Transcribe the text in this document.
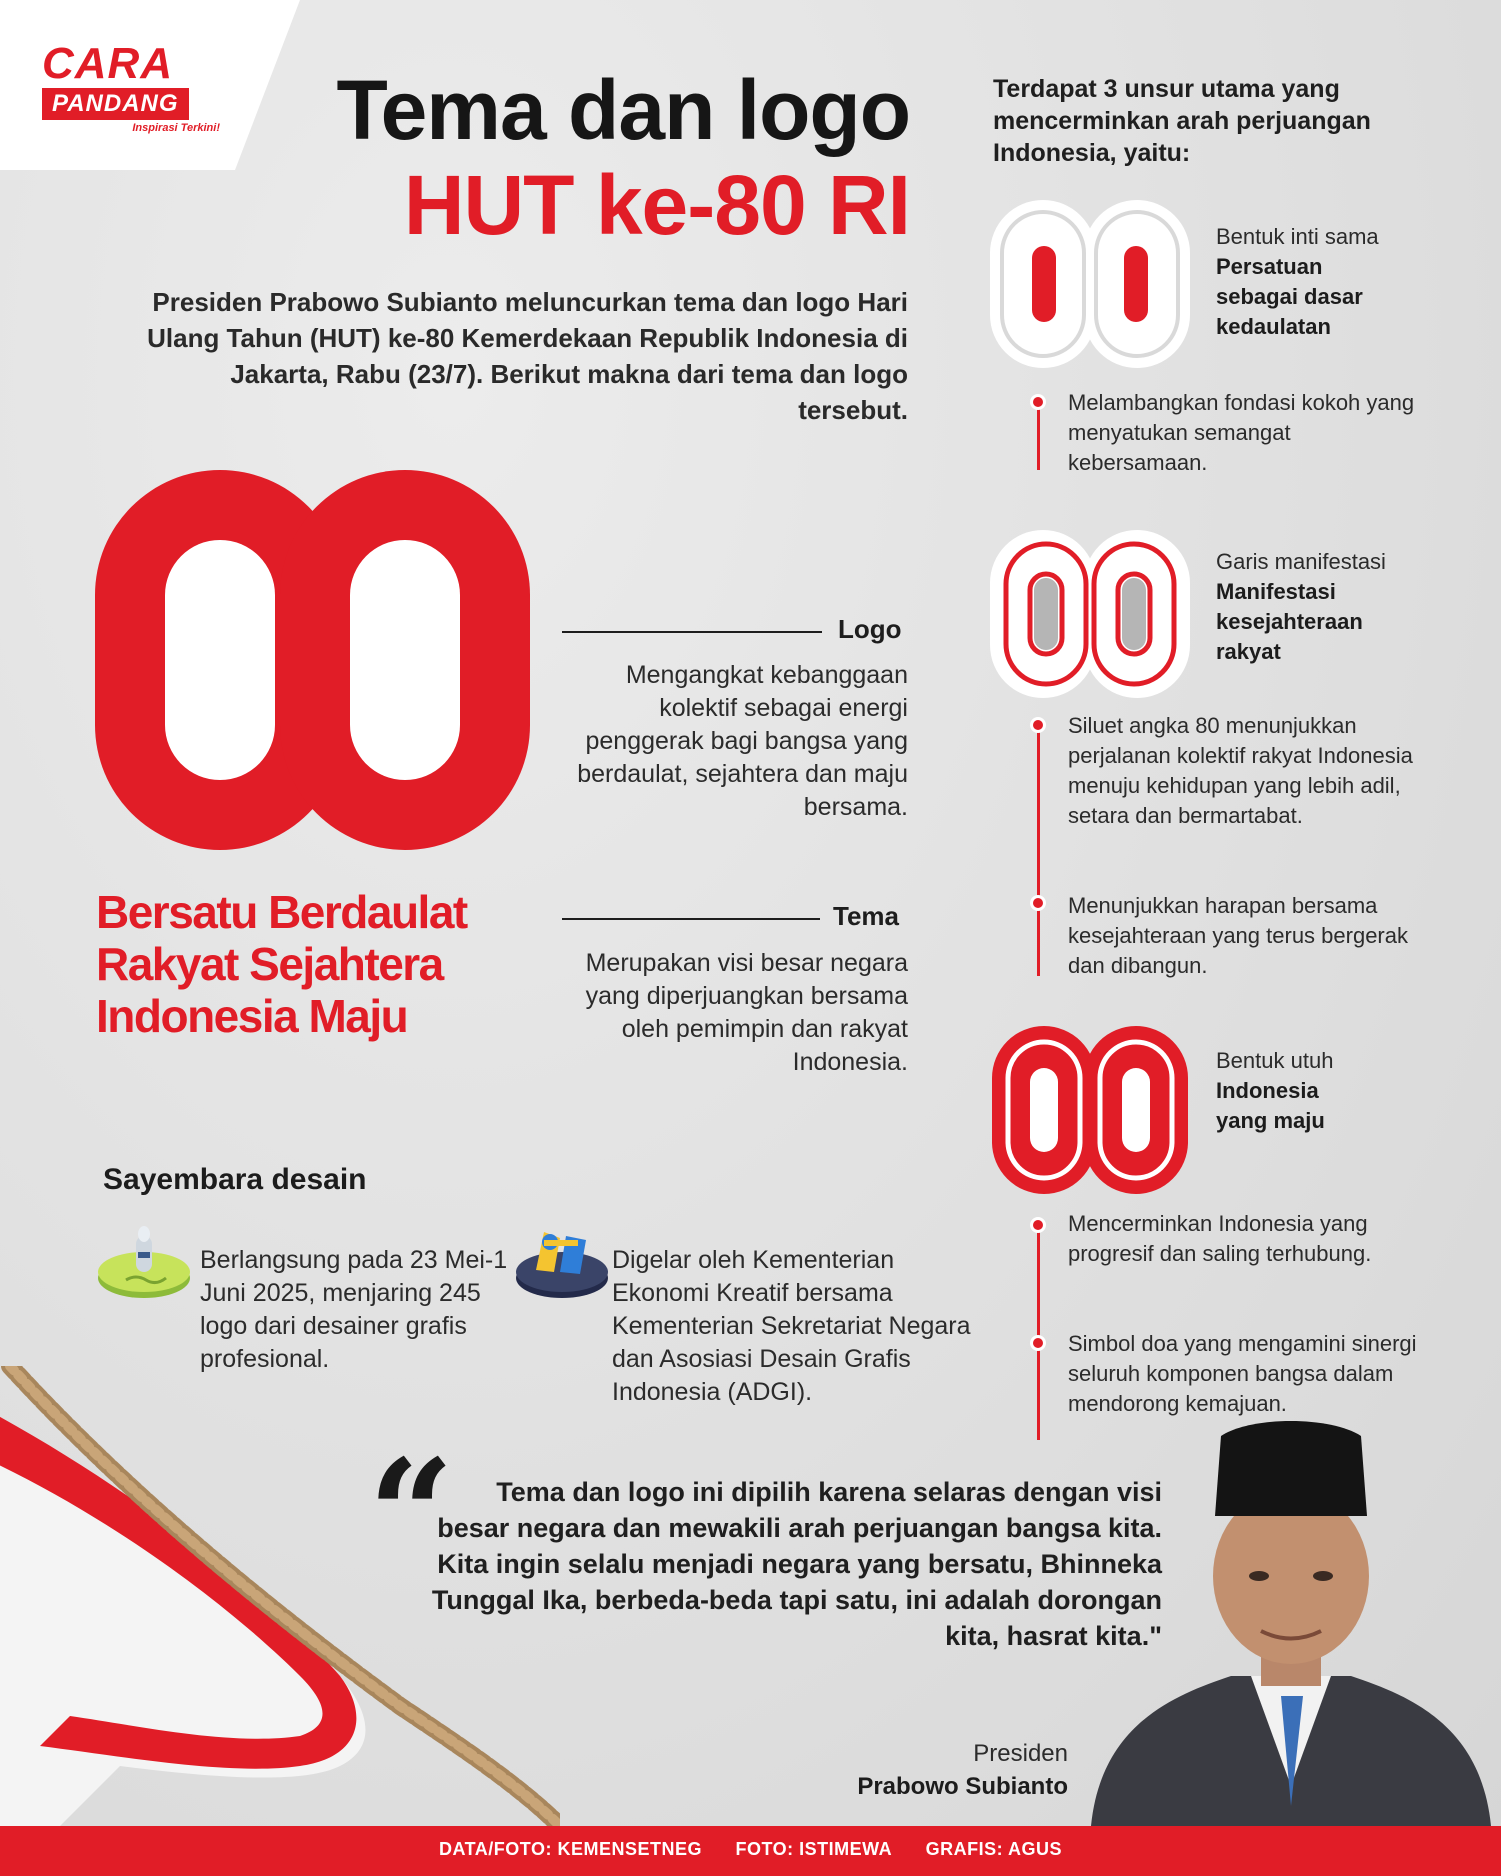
CARA
PANDANG
Inspirasi Terkini!	Tema dan logo
HUT ke-80 RI
Presiden Prabowo Subianto meluncurkan tema dan logo Hari Ulang Tahun (HUT) ke-80 Kemerdekaan Republik Indonesia di Jakarta, Rabu (23/7). Berikut makna dari tema dan logo tersebut.
Logo
Mengangkat kebanggaan kolektif sebagai energi penggerak bagi bangsa yang berdaulat, sejahtera dan maju bersama.
Bersatu Berdaulat
Rakyat Sejahtera
Indonesia Maju
Tema
Merupakan visi besar negara yang diperjuangkan bersama oleh pemimpin dan rakyat Indonesia.
Sayembara desain
Berlangsung pada 23 Mei-1 Juni 2025, menjaring 245 logo dari desainer grafis profesional.
Digelar oleh Kementerian Ekonomi Kreatif bersama Kementerian Sekretariat Negara dan Asosiasi Desain Grafis Indonesia (ADGI).
Terdapat 3 unsur utama yang mencerminkan arah perjuangan Indonesia, yaitu:
Bentuk inti sama
Persatuan
sebagai dasar
kedaulatan
Melambangkan fondasi kokoh yang menyatukan semangat kebersamaan.
Garis manifestasi
Manifestasi
kesejahteraan
rakyat
Siluet angka 80 menunjukkan perjalanan kolektif rakyat Indonesia menuju kehidupan yang lebih adil, setara dan bermartabat.
Menunjukkan harapan bersama kesejahteraan yang terus bergerak dan dibangun.
Bentuk utuh
Indonesia
yang maju
Mencerminkan Indonesia yang progresif dan saling terhubung.
Simbol doa yang mengamini sinergi seluruh komponen bangsa dalam mendorong kemajuan.
“	Tema dan logo ini dipilih karena selaras dengan visi besar negara dan mewakili arah perjuangan bangsa kita. Kita ingin selalu menjadi negara yang bersatu, Bhinneka Tunggal Ika, berbeda-beda tapi satu, ini adalah dorongan kita, hasrat kita."
Presiden
Prabowo Subianto
DATA/FOTO: KEMENSETNEG FOTO: ISTIMEWA GRAFIS: AGUS
